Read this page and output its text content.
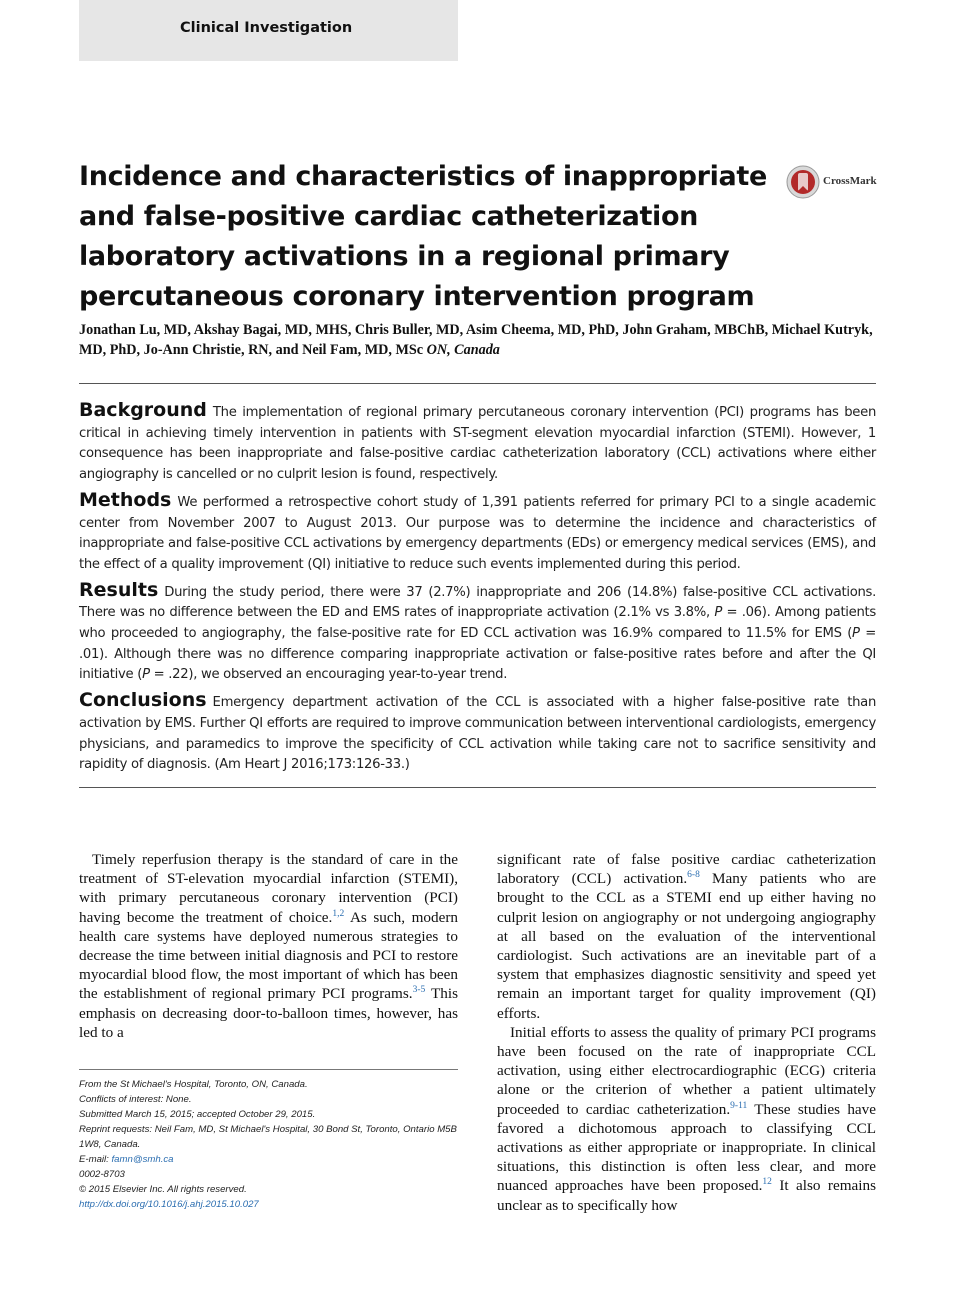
Clinical Investigation
Incidence and characteristics of inappropriate and false-positive cardiac catheterization laboratory activations in a regional primary percutaneous coronary intervention program
CrossMark

Jonathan Lu, MD, Akshay Bagai, MD, MHS, Chris Buller, MD, Asim Cheema, MD, PhD, John Graham, MBChB, Michael Kutryk, MD, PhD, Jo-Ann Christie, RN, and Neil Fam, MD, MSc ON, Canada

Background The implementation of regional primary percutaneous coronary intervention (PCI) programs has been critical in achieving timely intervention in patients with ST-segment elevation myocardial infarction (STEMI). However, 1 consequence has been inappropriate and false-positive cardiac catheterization laboratory (CCL) activations where either angiography is cancelled or no culprit lesion is found, respectively.

Methods We performed a retrospective cohort study of 1,391 patients referred for primary PCI to a single academic center from November 2007 to August 2013. Our purpose was to determine the incidence and characteristics of inappropriate and false-positive CCL activations by emergency departments (EDs) or emergency medical services (EMS), and the effect of a quality improvement (QI) initiative to reduce such events implemented during this period.

Results During the study period, there were 37 (2.7%) inappropriate and 206 (14.8%) false-positive CCL activations. There was no difference between the ED and EMS rates of inappropriate activation (2.1% vs 3.8%, P = .06). Among patients who proceeded to angiography, the false-positive rate for ED CCL activation was 16.9% compared to 11.5% for EMS (P = .01). Although there was no difference comparing inappropriate activation or false-positive rates before and after the QI initiative (P = .22), we observed an encouraging year-to-year trend.

Conclusions Emergency department activation of the CCL is associated with a higher false-positive rate than activation by EMS. Further QI efforts are required to improve communication between interventional cardiologists, emergency physicians, and paramedics to improve the specificity of CCL activation while taking care not to sacrifice sensitivity and rapidity of diagnosis. (Am Heart J 2016;173:126-33.)

Timely reperfusion therapy is the standard of care in the treatment of ST-elevation myocardial infarction (STEMI), with primary percutaneous coronary intervention (PCI) having become the treatment of choice.$^{1,2}$ As such, modern health care systems have deployed numerous strategies to decrease the time between initial diagnosis and PCI to restore myocardial blood flow, the most important of which has been the establishment of regional primary PCI programs.$^{3-5}$ This emphasis on decreasing door-to-balloon times, however, has led to a

significant rate of false positive cardiac catheterization laboratory (CCL) activation.$^{6-8}$ Many patients who are brought to the CCL as a STEMI end up either having no culprit lesion on angiography or not undergoing angiography at all based on the evaluation of the interventional cardiologist. Such activations are an inevitable part of a system that emphasizes diagnostic sensitivity and speed yet remain an important target for quality improvement (QI) efforts.

Initial efforts to assess the quality of primary PCI programs have been focused on the rate of inappropriate CCL activation, using either electrocardiographic (ECG) criteria alone or the criterion of whether a patient ultimately proceeded to cardiac catheterization.$^{9-11}$ These studies have favored a dichotomous approach to classifying CCL activations as either appropriate or inappropriate. In clinical situations, this distinction is often less clear, and more nuanced approaches have been proposed.$^{12}$ It also remains unclear as to specifically how

From the St Michael's Hospital, Toronto, ON, Canada.
Conflicts of interest: None.
Submitted March 15, 2015; accepted October 29, 2015.
Reprint requests: Neil Fam, MD, St Michael's Hospital, 30 Bond St, Toronto, Ontario M5B 1W8, Canada.
E-mail: famn@smh.ca
0002-8703
© 2015 Elsevier Inc. All rights reserved.
http://dx.doi.org/10.1016/j.ahj.2015.10.027
